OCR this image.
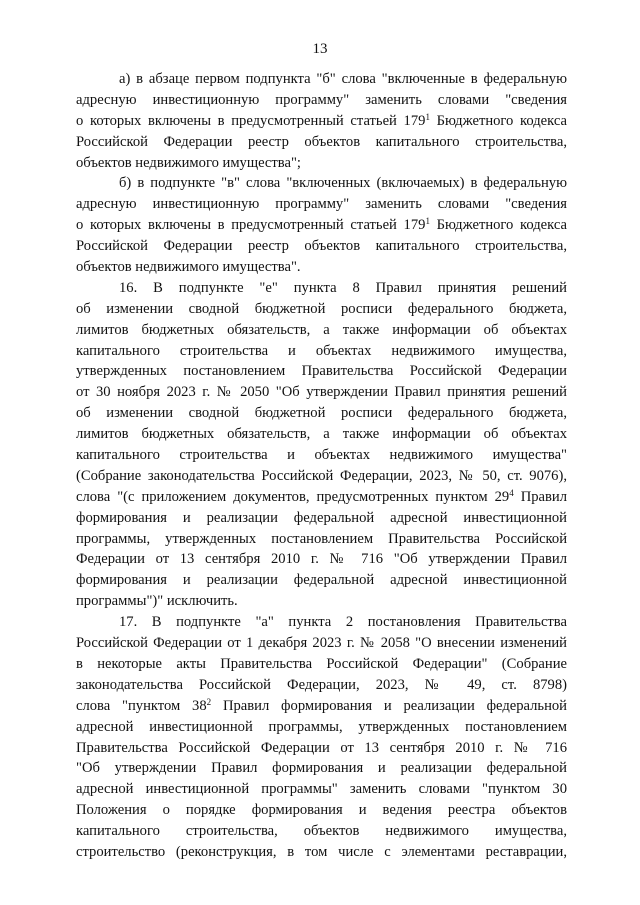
13
а) в абзаце первом подпункта "б" слова "включенные в федеральную
адресную инвестиционную программу" заменить словами "сведения
о которых включены в предусмотренный статьей $179^1$ Бюджетного кодекса
Российской Федерации реестр объектов капитального строительства,
объектов недвижимого имущества";
б) в подпункте "в" слова "включенных (включаемых) в федеральную
адресную инвестиционную программу" заменить словами "сведения
о которых включены в предусмотренный статьей $179^1$ Бюджетного кодекса
Российской Федерации реестр объектов капитального строительства,
объектов недвижимого имущества".
16. В подпункте "е" пункта 8 Правил принятия решений
об изменении сводной бюджетной росписи федерального бюджета,
лимитов бюджетных обязательств, а также информации об объектах
капитального строительства и объектах недвижимого имущества,
утвержденных постановлением Правительства Российской Федерации
от 30 ноября 2023 г. № 2050 "Об утверждении Правил принятия решений
об изменении сводной бюджетной росписи федерального бюджета,
лимитов бюджетных обязательств, а также информации об объектах
капитального строительства и объектах недвижимого имущества"
(Собрание законодательства Российской Федерации, 2023, № 50, ст. 9076),
слова "(с приложением документов, предусмотренных пунктом $29^4$ Правил
формирования и реализации федеральной адресной инвестиционной
программы, утвержденных постановлением Правительства Российской
Федерации от 13 сентября 2010 г. № 716 "Об утверждении Правил
формирования и реализации федеральной адресной инвестиционной
программы")" исключить.
17. В подпункте "а" пункта 2 постановления Правительства
Российской Федерации от 1 декабря 2023 г. № 2058 "О внесении изменений
в некоторые акты Правительства Российской Федерации" (Собрание
законодательства Российской Федерации, 2023, № 49, ст. 8798)
слова "пунктом $38^2$ Правил формирования и реализации федеральной
адресной инвестиционной программы, утвержденных постановлением
Правительства Российской Федерации от 13 сентября 2010 г. № 716
"Об утверждении Правил формирования и реализации федеральной
адресной инвестиционной программы" заменить словами "пунктом 30
Положения о порядке формирования и ведения реестра объектов
капитального строительства, объектов недвижимого имущества,
строительство (реконструкция, в том числе с элементами реставрации,
